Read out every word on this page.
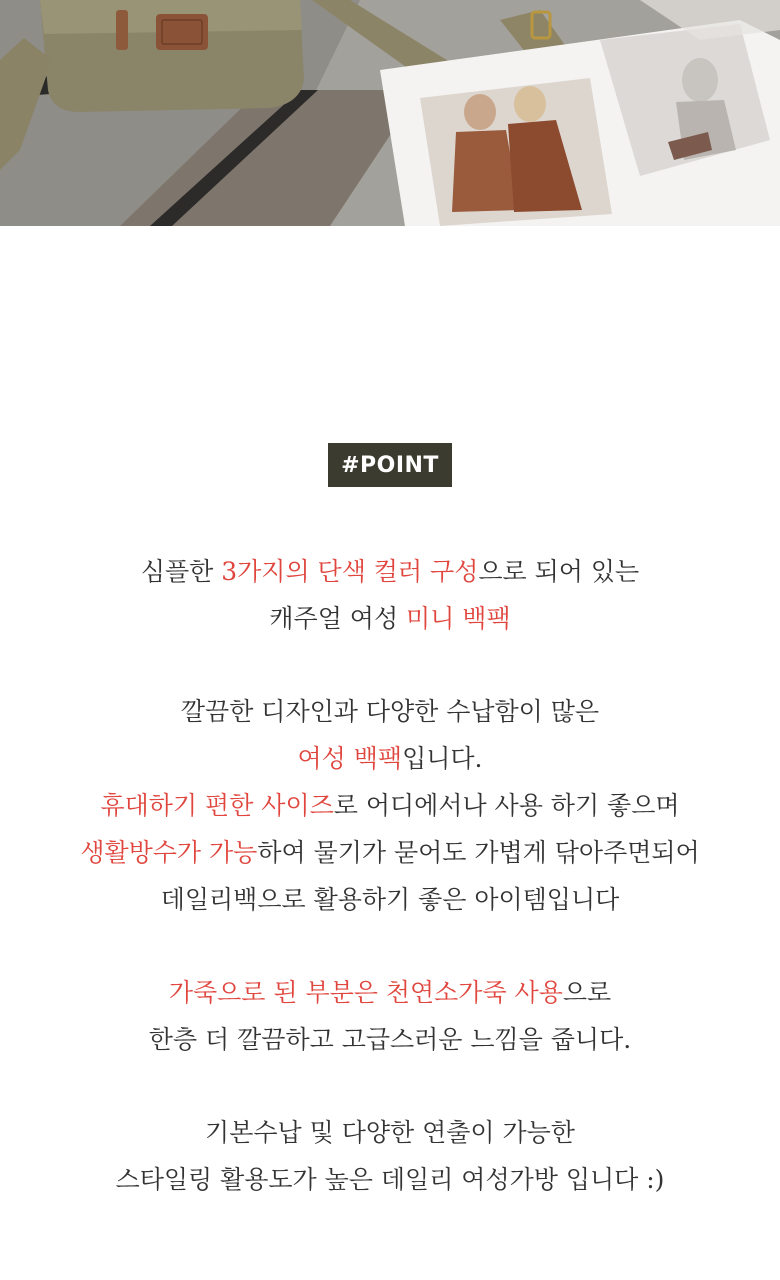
#POINT
심플한 3가지의 단색 컬러 구성으로 되어 있는
캐주얼 여성 미니 백팩
깔끔한 디자인과 다양한 수납함이 많은
여성 백팩입니다.
휴대하기 편한 사이즈로 어디에서나 사용 하기 좋으며
생활방수가 가능하여 물기가 묻어도 가볍게 닦아주면되어
데일리백으로 활용하기 좋은 아이템입니다
가죽으로 된 부분은 천연소가죽 사용으로
한층 더 깔끔하고 고급스러운 느낌을 줍니다.
기본수납 및 다양한 연출이 가능한
스타일링 활용도가 높은 데일리 여성가방 입니다 :)
